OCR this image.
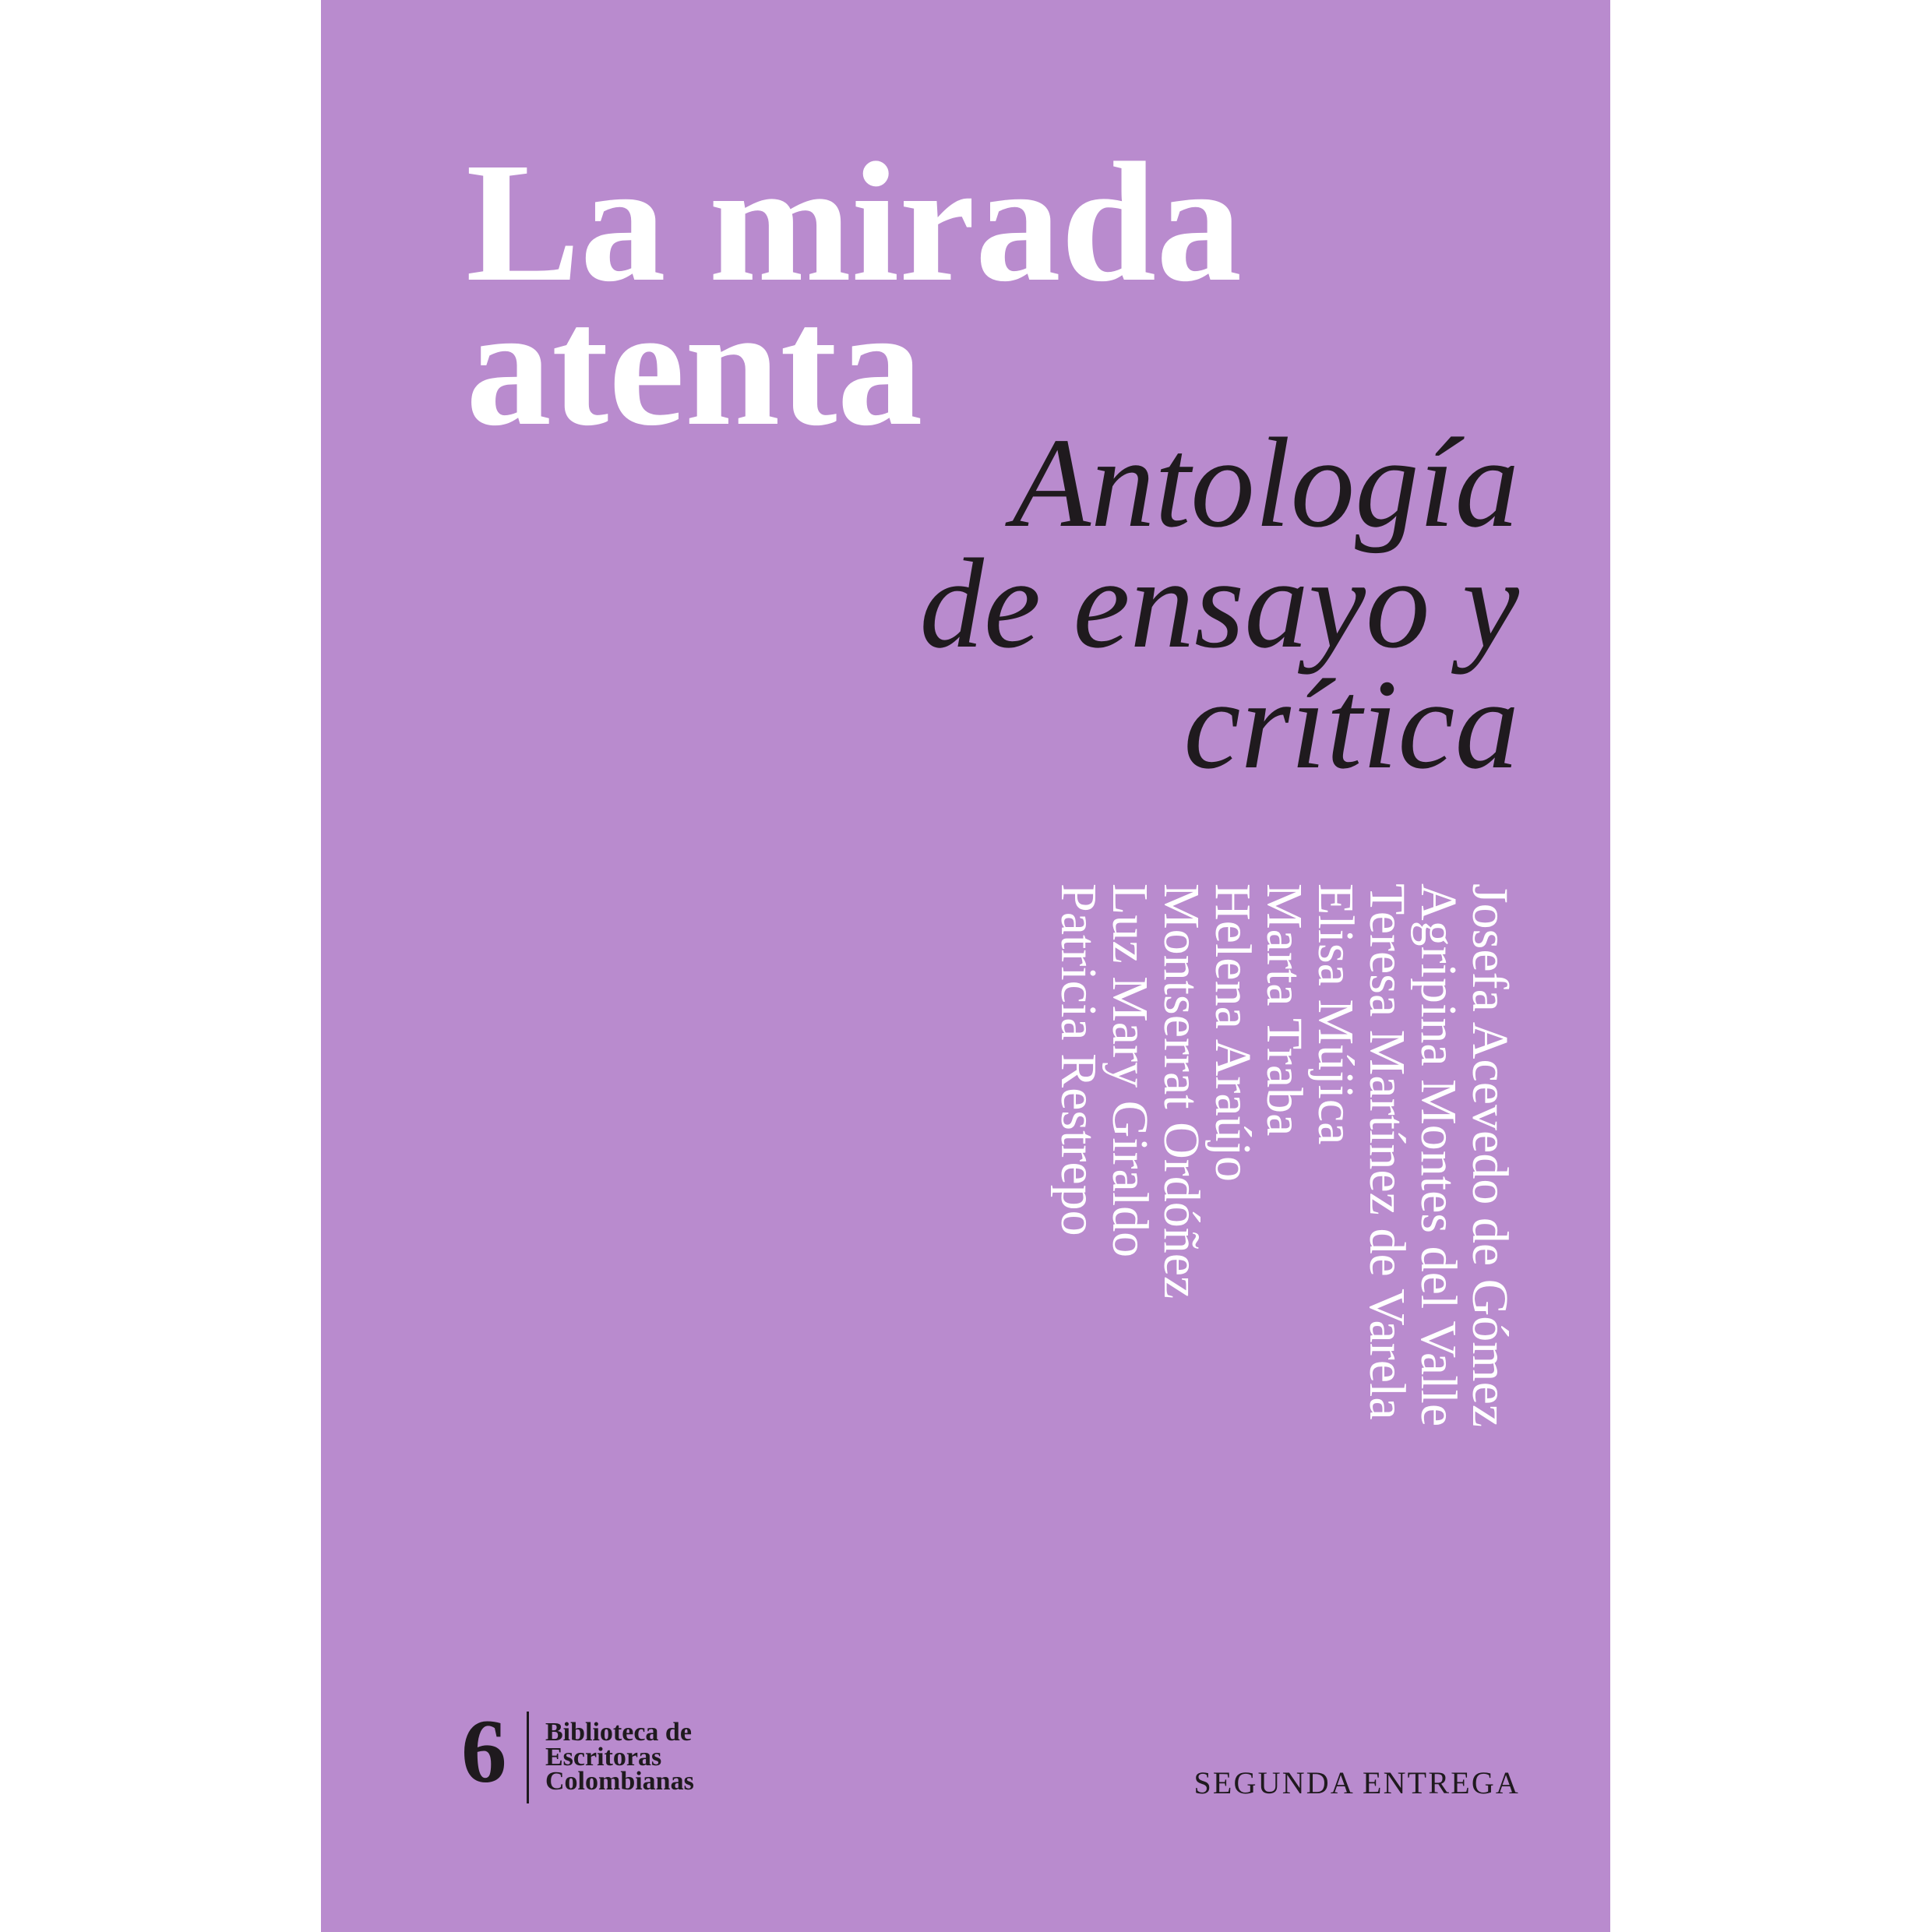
La mirada
atenta
Antología
de ensayo y
crítica
Josefa Acevedo de Gómez
Agripina Montes del Valle
Teresa Martínez de Varela
Elisa Mújica
Marta Traba
Helena Araújo
Montserrat Ordóñez
Luz Mary Giraldo
Patricia Restrepo
6 Biblioteca de
Escritoras
Colombianas	SEGUNDA ENTREGA
